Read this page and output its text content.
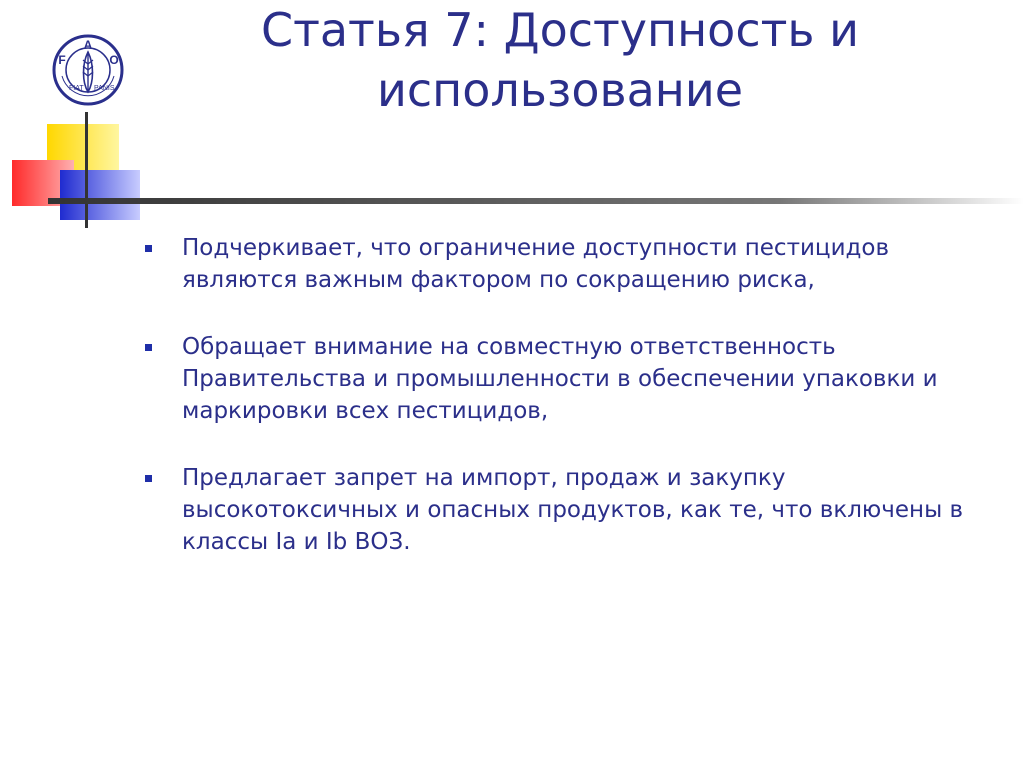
A
F	O
FIAT PANIS
Статья 7: Доступность и использование
Подчеркивает, что ограничение доступности пестицидов являются важным фактором по сокращению риска,
Обращает внимание на совместную ответственность Правительства и промышленности в обеспечении упаковки и маркировки всех пестицидов,
Предлагает запрет на импорт, продаж и закупку высокотоксичных и опасных продуктов, как те, что включены в классы Ia и Ib ВОЗ.
